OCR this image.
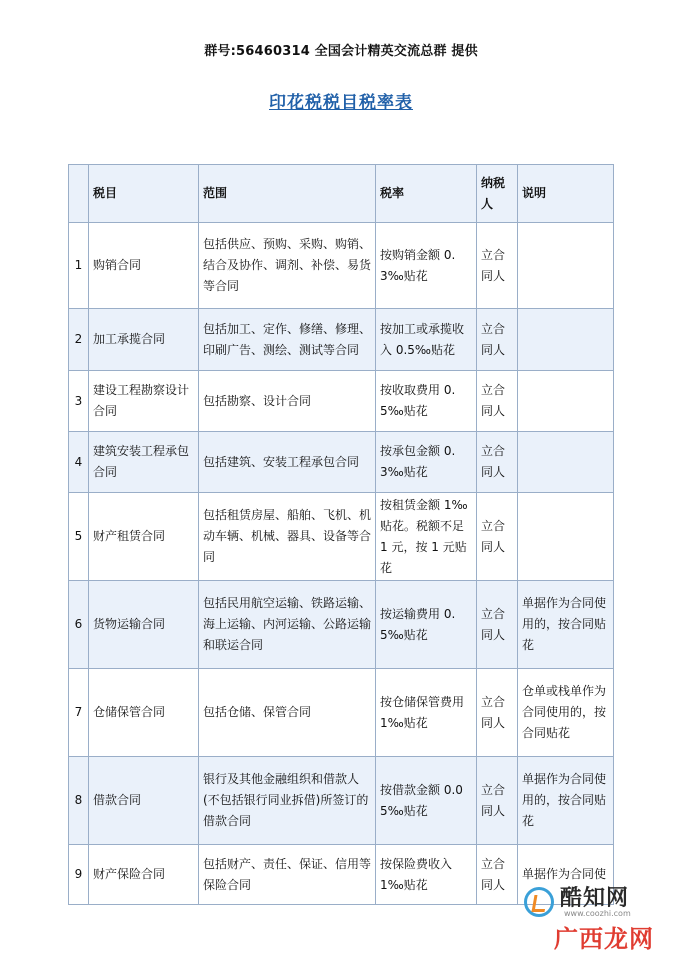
群号:56460314 全国会计精英交流总群 提供
印花税税目税率表
	税目	范围	税率	纳税人	说明
1	购销合同	包括供应、预购、采购、购销、结合及协作、调剂、补偿、易货等合同	按购销金额 0.3‰贴花	立合同人	
2	加工承揽合同	包括加工、定作、修缮、修理、印刷广告、测绘、测试等合同	按加工或承揽收入 0.5‰贴花	立合同人	
3	建设工程勘察设计合同	包括勘察、设计合同	按收取费用 0.5‰贴花	立合同人	
4	建筑安装工程承包合同	包括建筑、安装工程承包合同	按承包金额 0.3‰贴花	立合同人	
5	财产租赁合同	包括租赁房屋、船舶、飞机、机动车辆、机械、器具、设备等合同	按租赁金额 1‰贴花。税额不足 1 元，按 1 元贴花	立合同人	
6	货物运输合同	包括民用航空运输、铁路运输、海上运输、内河运输、公路运输和联运合同	按运输费用 0.5‰贴花	立合同人	单据作为合同使用的，按合同贴花
7	仓储保管合同	包括仓储、保管合同	按仓储保管费用 1‰贴花	立合同人	仓单或栈单作为合同使用的，按合同贴花
8	借款合同	银行及其他金融组织和借款人(不包括银行同业拆借)所签订的借款合同	按借款金额 0.05‰贴花	立合同人	单据作为合同使用的，按合同贴花
9	财产保险合同	包括财产、责任、保证、信用等保险合同	按保险费收入 1‰贴花	立合同人	单据作为合同使
酷知网
www.coozhi.com
广西龙网
